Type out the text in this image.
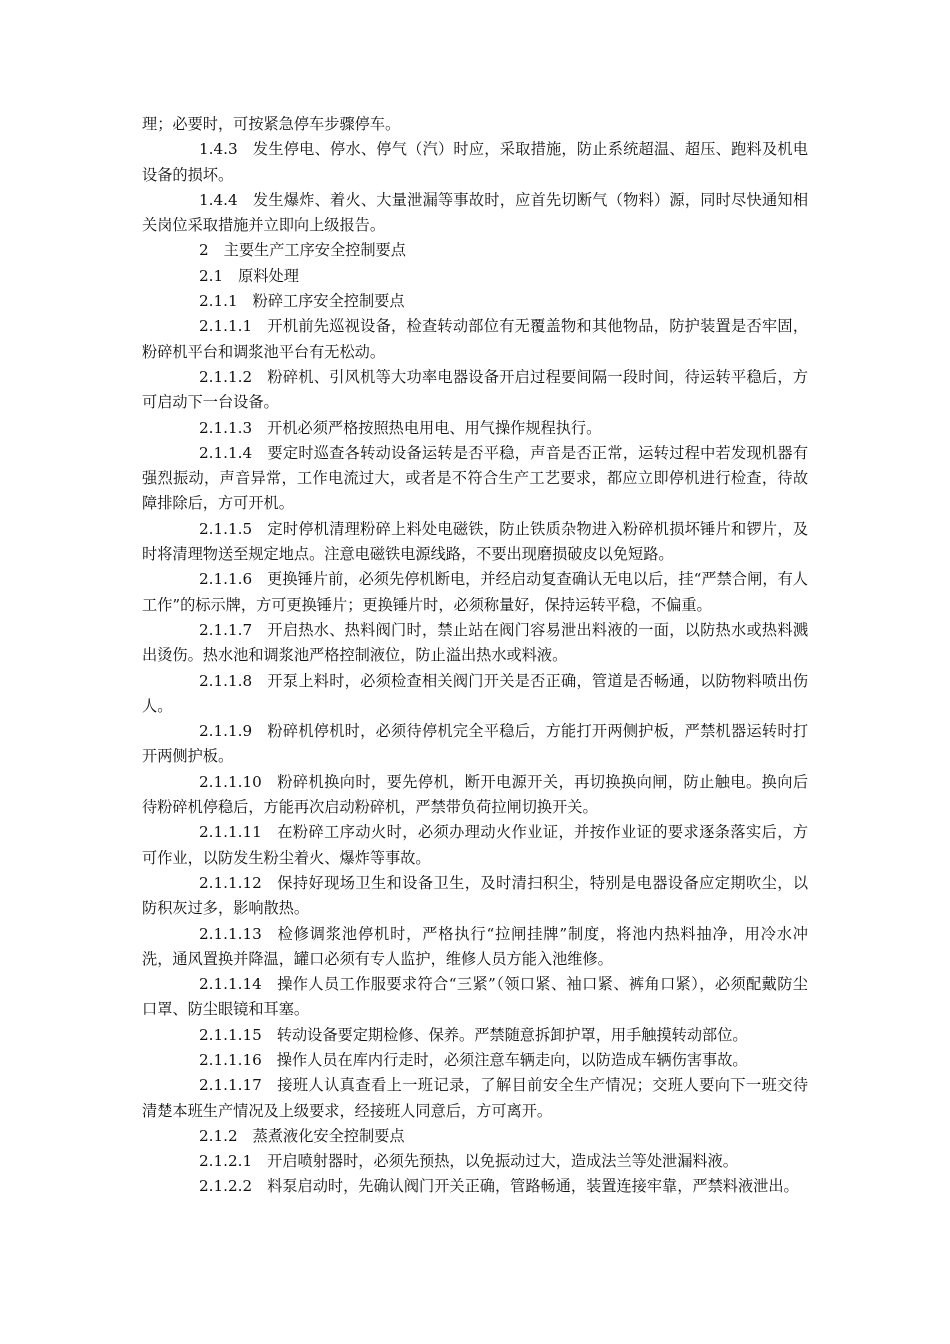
理；必要时，可按紧急停车步骤停车。

1.4.3 发生停电、停水、停气（汽）时应，采取措施，防止系统超温、超压、跑料及机电设备的损坏。

1.4.4 发生爆炸、着火、大量泄漏等事故时，应首先切断气（物料）源，同时尽快通知相关岗位采取措施并立即向上级报告。

2 主要生产工序安全控制要点

2.1 原料处理

2.1.1 粉碎工序安全控制要点

2.1.1.1 开机前先巡视设备，检查转动部位有无覆盖物和其他物品，防护装置是否牢固，粉碎机平台和调浆池平台有无松动。

2.1.1.2 粉碎机、引风机等大功率电器设备开启过程要间隔一段时间，待运转平稳后，方可启动下一台设备。

2.1.1.3 开机必须严格按照热电用电、用气操作规程执行。

2.1.1.4 要定时巡查各转动设备运转是否平稳，声音是否正常，运转过程中若发现机器有强烈振动，声音异常，工作电流过大，或者是不符合生产工艺要求，都应立即停机进行检查，待故障排除后，方可开机。

2.1.1.5 定时停机清理粉碎上料处电磁铁，防止铁质杂物进入粉碎机损坏锤片和锣片，及时将清理物送至规定地点。注意电磁铁电源线路，不要出现磨损破皮以免短路。

2.1.1.6 更换锤片前，必须先停机断电，并经启动复查确认无电以后，挂“严禁合闸，有人工作”的标示牌，方可更换锤片；更换锤片时，必须称量好，保持运转平稳，不偏重。

2.1.1.7 开启热水、热料阀门时，禁止站在阀门容易泄出料液的一面，以防热水或热料溅出烫伤。热水池和调浆池严格控制液位，防止溢出热水或料液。

2.1.1.8 开泵上料时，必须检查相关阀门开关是否正确，管道是否畅通，以防物料喷出伤人。

2.1.1.9 粉碎机停机时，必须待停机完全平稳后，方能打开两侧护板，严禁机器运转时打开两侧护板。

2.1.1.10 粉碎机换向时，要先停机，断开电源开关，再切换换向闸，防止触电。换向后待粉碎机停稳后，方能再次启动粉碎机，严禁带负荷拉闸切换开关。

2.1.1.11 在粉碎工序动火时，必须办理动火作业证，并按作业证的要求逐条落实后，方可作业，以防发生粉尘着火、爆炸等事故。

2.1.1.12 保持好现场卫生和设备卫生，及时清扫积尘，特别是电器设备应定期吹尘，以防积灰过多，影响散热。

2.1.1.13 检修调浆池停机时，严格执行“拉闸挂牌”制度，将池内热料抽净，用冷水冲洗，通风置换并降温，罐口必须有专人监护，维修人员方能入池维修。

2.1.1.14 操作人员工作服要求符合“三紧”（领口紧、袖口紧、裤角口紧），必须配戴防尘口罩、防尘眼镜和耳塞。

2.1.1.15 转动设备要定期检修、保养。严禁随意拆卸护罩，用手触摸转动部位。

2.1.1.16 操作人员在库内行走时，必须注意车辆走向，以防造成车辆伤害事故。

2.1.1.17 接班人认真查看上一班记录，了解目前安全生产情况；交班人要向下一班交待清楚本班生产情况及上级要求，经接班人同意后，方可离开。

2.1.2 蒸煮液化安全控制要点

2.1.2.1 开启喷射器时，必须先预热，以免振动过大，造成法兰等处泄漏料液。

2.1.2.2 料泵启动时，先确认阀门开关正确，管路畅通，装置连接牢靠，严禁料液泄出。
